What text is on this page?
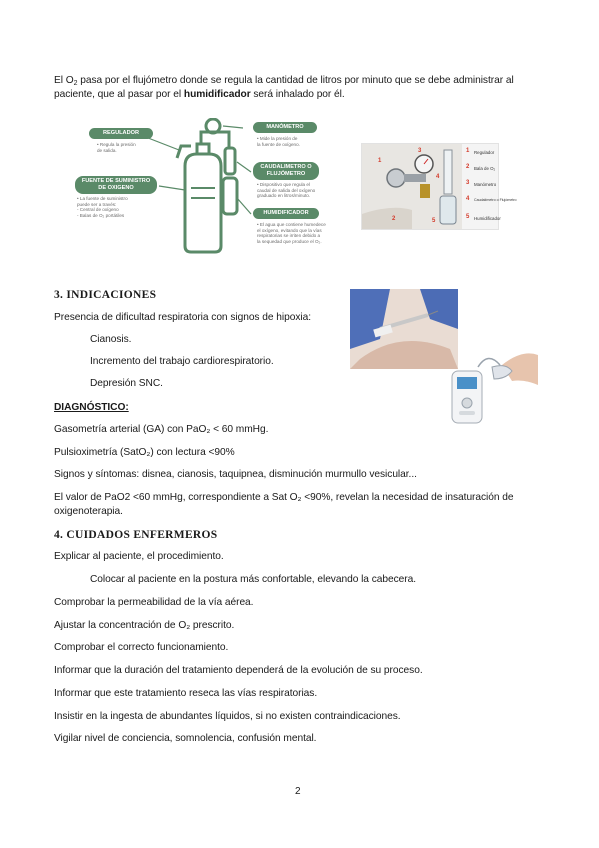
El $O_2$ pasa por el flujómetro donde se regula la cantidad de litros por minuto que se debe administrar al
paciente, que al pasar por el humidificador será inhalado por él.
REGULADOR
• Regula la presión
de salida.
FUENTE DE SUMINISTRO DE OXIGENO
• La fuente de suministro
puede ser a través:
- Central de oxígeno
- Balas de O₂ portátiles
MANÓMETRO
• Mide la presión de
la fuente de oxígeno.
CAUDALIMETRO O FLUJÓMETRO
• Dispositivo que regula el
caudal de salida del oxígeno
graduado en litros/minuto.
HUMIDIFICADOR
• El agua que contiene humedece
el oxígeno, evitando que la vías
respiratorias se irriten debido a
la sequedad que produce el O₂.
1
2
3
4
5
1 Regulador
2 Bala de O₂
3 Manómetro
4 Caudalímetro o Flujómetro
5 Humidificador
3. INDICACIONES
Presencia de dificultad respiratoria con signos de hipoxia:
Cianosis.
Incremento del trabajo cardiorespiratorio.
Depresión SNC.
DIAGNÓSTICO:
Gasometría arterial (GA) con PaO₂ < 60 mmHg.
Pulsioximetría (SatO₂) con lectura <90%
Signos y síntomas: disnea, cianosis, taquipnea, disminución murmullo vesicular...
El valor de PaO2 <60 mmHg, correspondiente a Sat O₂ <90%, revelan la necesidad de insaturación de
oxigenoterapia.
4. CUIDADOS ENFERMEROS
Explicar al paciente, el procedimiento.
Colocar al paciente en la postura más confortable, elevando la cabecera.
Comprobar la permeabilidad de la vía aérea.
Ajustar la concentración de O₂ prescrito.
Comprobar el correcto funcionamiento.
Informar que la duración del tratamiento dependerá de la evolución de su proceso.
Informar que este tratamiento reseca las vías respiratorias.
Insistir en la ingesta de abundantes líquidos, si no existen contraindicaciones.
Vigilar nivel de conciencia, somnolencia, confusión mental.
2
